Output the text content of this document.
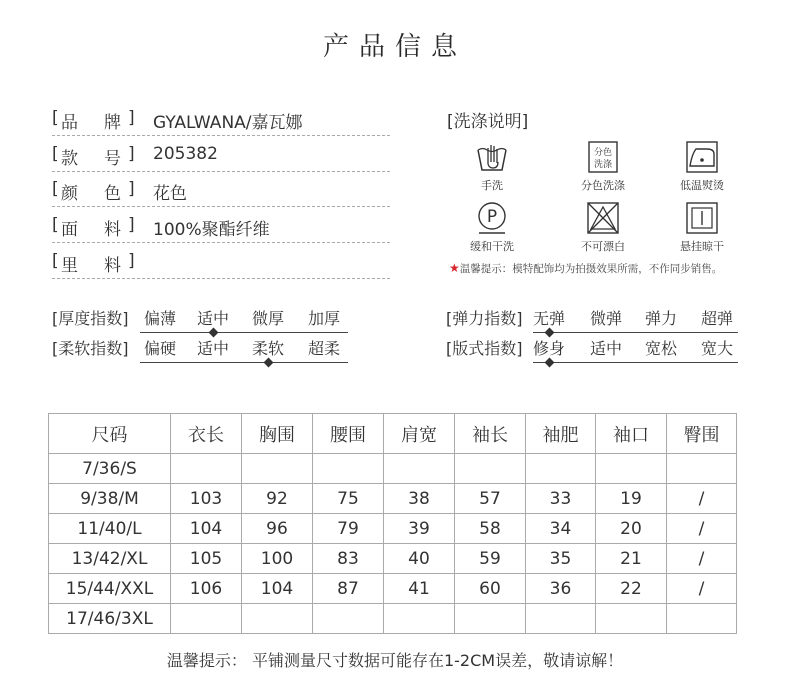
产品信息
[ 品 牌 ] GYALWANA/嘉瓦娜
[ 款 号 ] 205382
[ 颜 色 ] 花色
[ 面 料 ] 100%聚酯纤维
[ 里 料 ]
[洗涤说明]
手洗
分色
洗涤
分色洗涤	低温熨烫
P
缓和干洗	不可漂白	悬挂晾干
★温馨提示：模特配饰均为拍摄效果所需，不作同步销售。
[厚度指数] 偏薄 适中 微厚 加厚
[柔软指数] 偏硬 适中 柔软 超柔
[弹力指数] 无弹 微弹 弹力 超弹
[版式指数] 修身 适中 宽松 宽大
尺码	衣长	胸围	腰围	肩宽	袖长	袖肥	袖口	臀围
7/36/S								
9/38/M	103	92	75	38	57	33	19	/
11/40/L	104	96	79	39	58	34	20	/
13/42/XL	105	100	83	40	59	35	21	/
15/44/XXL	106	104	87	41	60	36	22	/
17/46/3XL								
温馨提示： 平铺测量尺寸数据可能存在1-2CM误差，敬请谅解！
